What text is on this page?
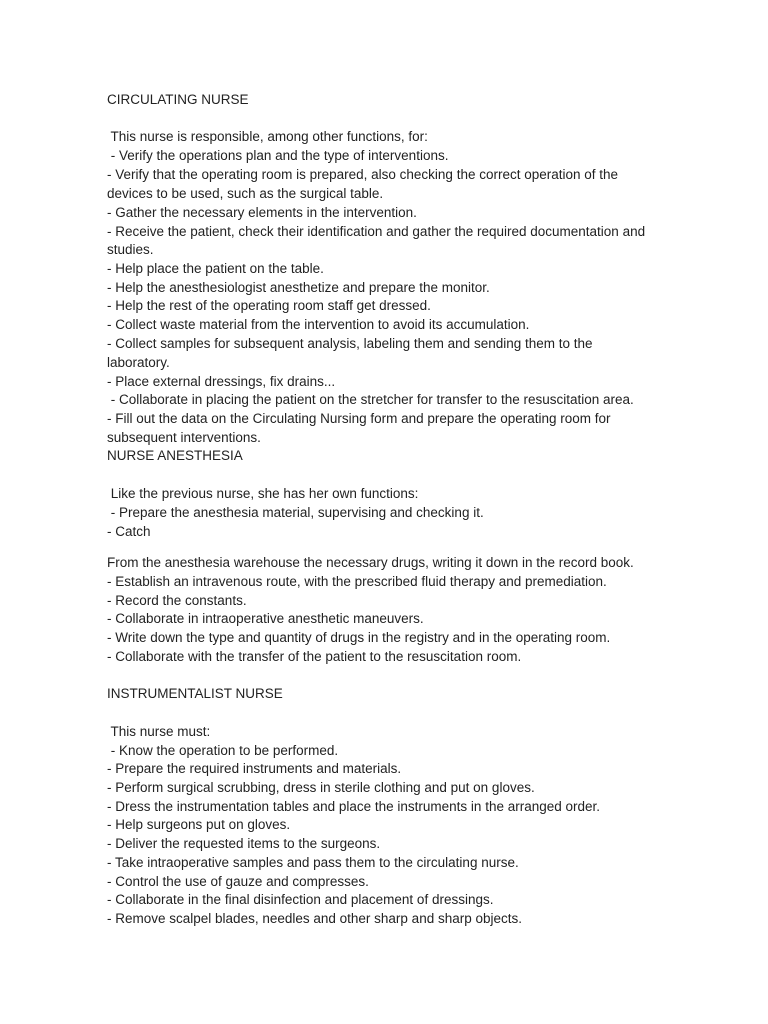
CIRCULATING NURSE
This nurse is responsible, among other functions, for:
- Verify the operations plan and the type of interventions.
- Verify that the operating room is prepared, also checking the correct operation of the
devices to be used, such as the surgical table.
- Gather the necessary elements in the intervention.
- Receive the patient, check their identification and gather the required documentation and
studies.
- Help place the patient on the table.
- Help the anesthesiologist anesthetize and prepare the monitor.
- Help the rest of the operating room staff get dressed.
- Collect waste material from the intervention to avoid its accumulation.
- Collect samples for subsequent analysis, labeling them and sending them to the
laboratory.
- Place external dressings, fix drains...
- Collaborate in placing the patient on the stretcher for transfer to the resuscitation area.
- Fill out the data on the Circulating Nursing form and prepare the operating room for
subsequent interventions.
NURSE ANESTHESIA
Like the previous nurse, she has her own functions:
- Prepare the anesthesia material, supervising and checking it.
- Catch
From the anesthesia warehouse the necessary drugs, writing it down in the record book.
- Establish an intravenous route, with the prescribed fluid therapy and premediation.
- Record the constants.
- Collaborate in intraoperative anesthetic maneuvers.
- Write down the type and quantity of drugs in the registry and in the operating room.
- Collaborate with the transfer of the patient to the resuscitation room.
INSTRUMENTALIST NURSE
This nurse must:
- Know the operation to be performed.
- Prepare the required instruments and materials.
- Perform surgical scrubbing, dress in sterile clothing and put on gloves.
- Dress the instrumentation tables and place the instruments in the arranged order.
- Help surgeons put on gloves.
- Deliver the requested items to the surgeons.
- Take intraoperative samples and pass them to the circulating nurse.
- Control the use of gauze and compresses.
- Collaborate in the final disinfection and placement of dressings.
- Remove scalpel blades, needles and other sharp and sharp objects.
